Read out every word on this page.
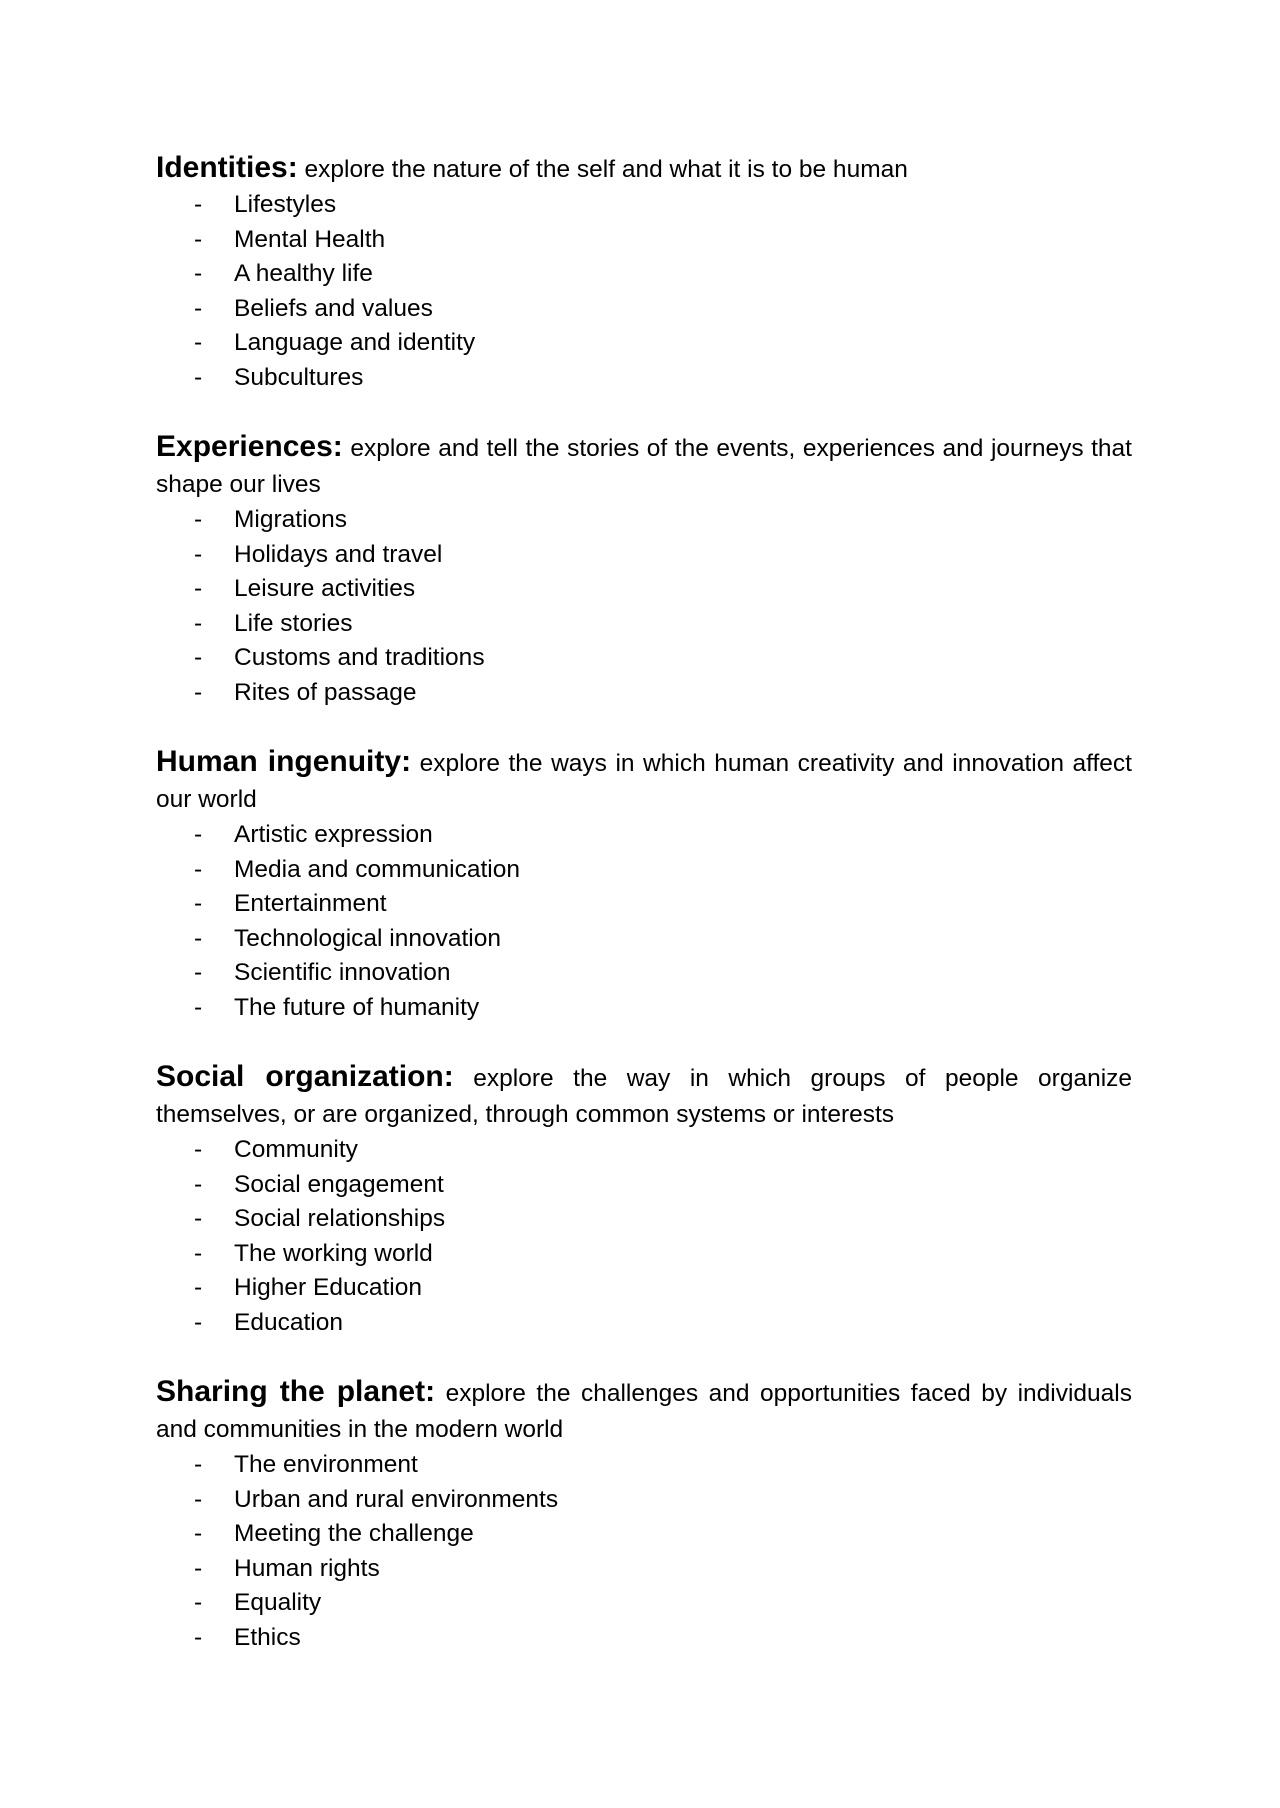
Identities: explore the nature of the self and what it is to be human

- Lifestyles
- Mental Health
- A healthy life
- Beliefs and values
- Language and identity
- Subcultures

Experiences: explore and tell the stories of the events, experiences and journeys that shape our lives

- Migrations
- Holidays and travel
- Leisure activities
- Life stories
- Customs and traditions
- Rites of passage

Human ingenuity: explore the ways in which human creativity and innovation affect our world

- Artistic expression
- Media and communication
- Entertainment
- Technological innovation
- Scientific innovation
- The future of humanity

Social organization: explore the way in which groups of people organize themselves, or are organized, through common systems or interests

- Community
- Social engagement
- Social relationships
- The working world
- Higher Education
- Education

Sharing the planet: explore the challenges and opportunities faced by individuals and communities in the modern world

- The environment
- Urban and rural environments
- Meeting the challenge
- Human rights
- Equality
- Ethics
